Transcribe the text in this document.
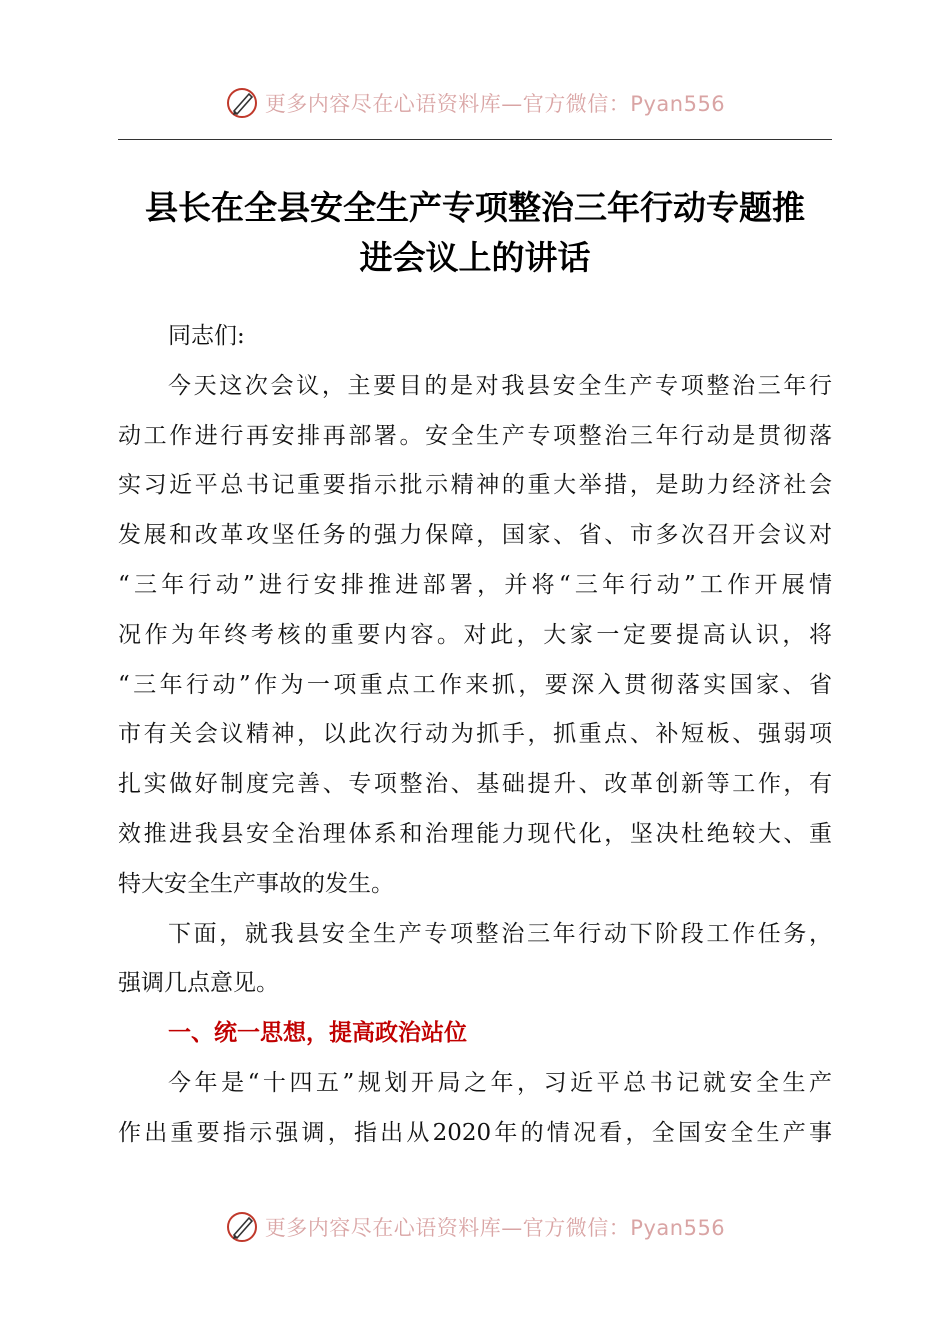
更多内容尽在心语资料库—官方微信：Pyan556
县长在全县安全生产专项整治三年行动专题推
进会议上的讲话
同志们:
今天这次会议，主要目的是对我县安全生产专项整治三年行
动工作进行再安排再部署。安全生产专项整治三年行动是贯彻落
实习近平总书记重要指示批示精神的重大举措，是助力经济社会
发展和改革攻坚任务的强力保障，国家、省、市多次召开会议对
“三年行动”进行安排推进部署，并将“三年行动”工作开展情
况作为年终考核的重要内容。对此，大家一定要提高认识，将
“三年行动”作为一项重点工作来抓，要深入贯彻落实国家、省
市有关会议精神，以此次行动为抓手，抓重点、补短板、强弱项
扎实做好制度完善、专项整治、基础提升、改革创新等工作，有
效推进我县安全治理体系和治理能力现代化，坚决杜绝较大、重
特大安全生产事故的发生。
下面，就我县安全生产专项整治三年行动下阶段工作任务，
强调几点意见。
一、统一思想，提高政治站位
今年是“十四五”规划开局之年，习近平总书记就安全生产
作出重要指示强调，指出从2020年的情况看，全国安全生产事
更多内容尽在心语资料库—官方微信：Pyan556
